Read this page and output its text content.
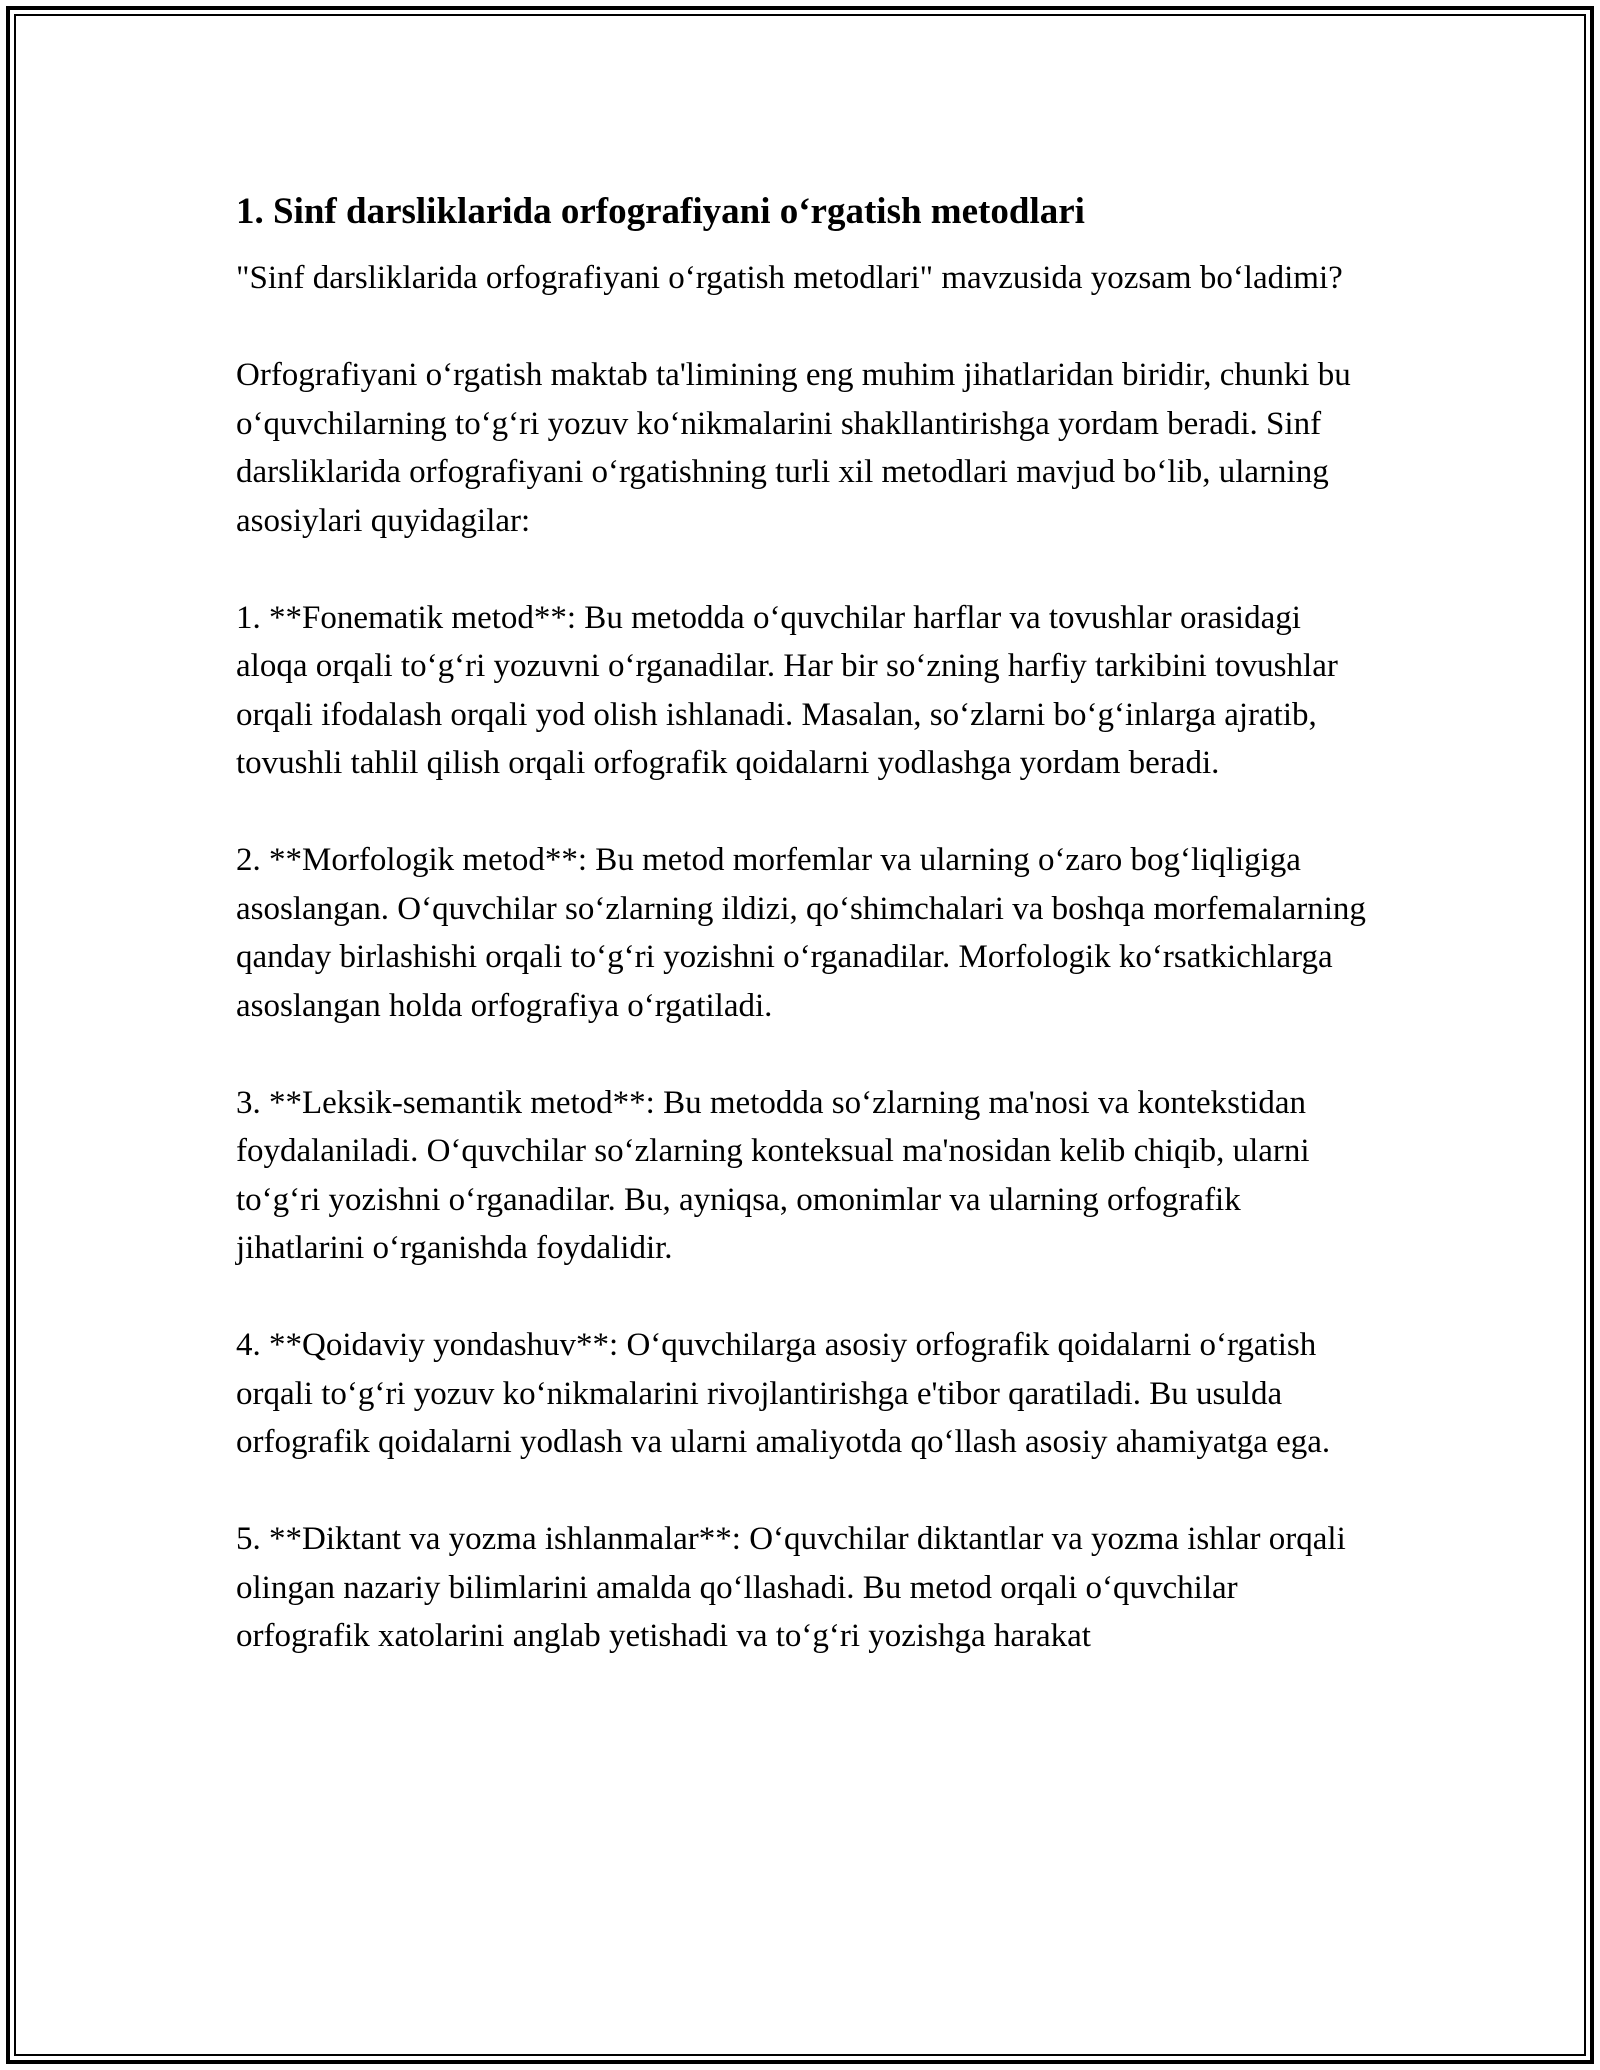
1. Sinf darsliklarida orfografiyani o‘rgatish metodlari

"Sinf darsliklarida orfografiyani o‘rgatish metodlari" mavzusida yozsam bo‘ladimi?

Orfografiyani o‘rgatish maktab ta'limining eng muhim jihatlaridan biridir, chunki bu o‘quvchilarning to‘g‘ri yozuv ko‘nikmalarini shakllantirishga yordam beradi. Sinf darsliklarida orfografiyani o‘rgatishning turli xil metodlari mavjud bo‘lib, ularning asosiylari quyidagilar:

1. **Fonematik metod**: Bu metodda o‘quvchilar harflar va tovushlar orasidagi aloqa orqali to‘g‘ri yozuvni o‘rganadilar. Har bir so‘zning harfiy tarkibini tovushlar orqali ifodalash orqali yod olish ishlanadi. Masalan, so‘zlarni bo‘g‘inlarga ajratib, tovushli tahlil qilish orqali orfografik qoidalarni yodlashga yordam beradi.

2. **Morfologik metod**: Bu metod morfemlar va ularning o‘zaro bog‘liqligiga asoslangan. O‘quvchilar so‘zlarning ildizi, qo‘shimchalari va boshqa morfemalarning qanday birlashishi orqali to‘g‘ri yozishni o‘rganadilar. Morfologik ko‘rsatkichlarga asoslangan holda orfografiya o‘rgatiladi.

3. **Leksik-semantik metod**: Bu metodda so‘zlarning ma'nosi va kontekstidan foydalaniladi. O‘quvchilar so‘zlarning konteksual ma'nosidan kelib chiqib, ularni to‘g‘ri yozishni o‘rganadilar. Bu, ayniqsa, omonimlar va ularning orfografik jihatlarini o‘rganishda foydalidir.

4. **Qoidaviy yondashuv**: O‘quvchilarga asosiy orfografik qoidalarni o‘rgatish orqali to‘g‘ri yozuv ko‘nikmalarini rivojlantirishga e'tibor qaratiladi. Bu usulda orfografik qoidalarni yodlash va ularni amaliyotda qo‘llash asosiy ahamiyatga ega.

5. **Diktant va yozma ishlanmalar**: O‘quvchilar diktantlar va yozma ishlar orqali olingan nazariy bilimlarini amalda qo‘llashadi. Bu metod orqali o‘quvchilar orfografik xatolarini anglab yetishadi va to‘g‘ri yozishga harakat
